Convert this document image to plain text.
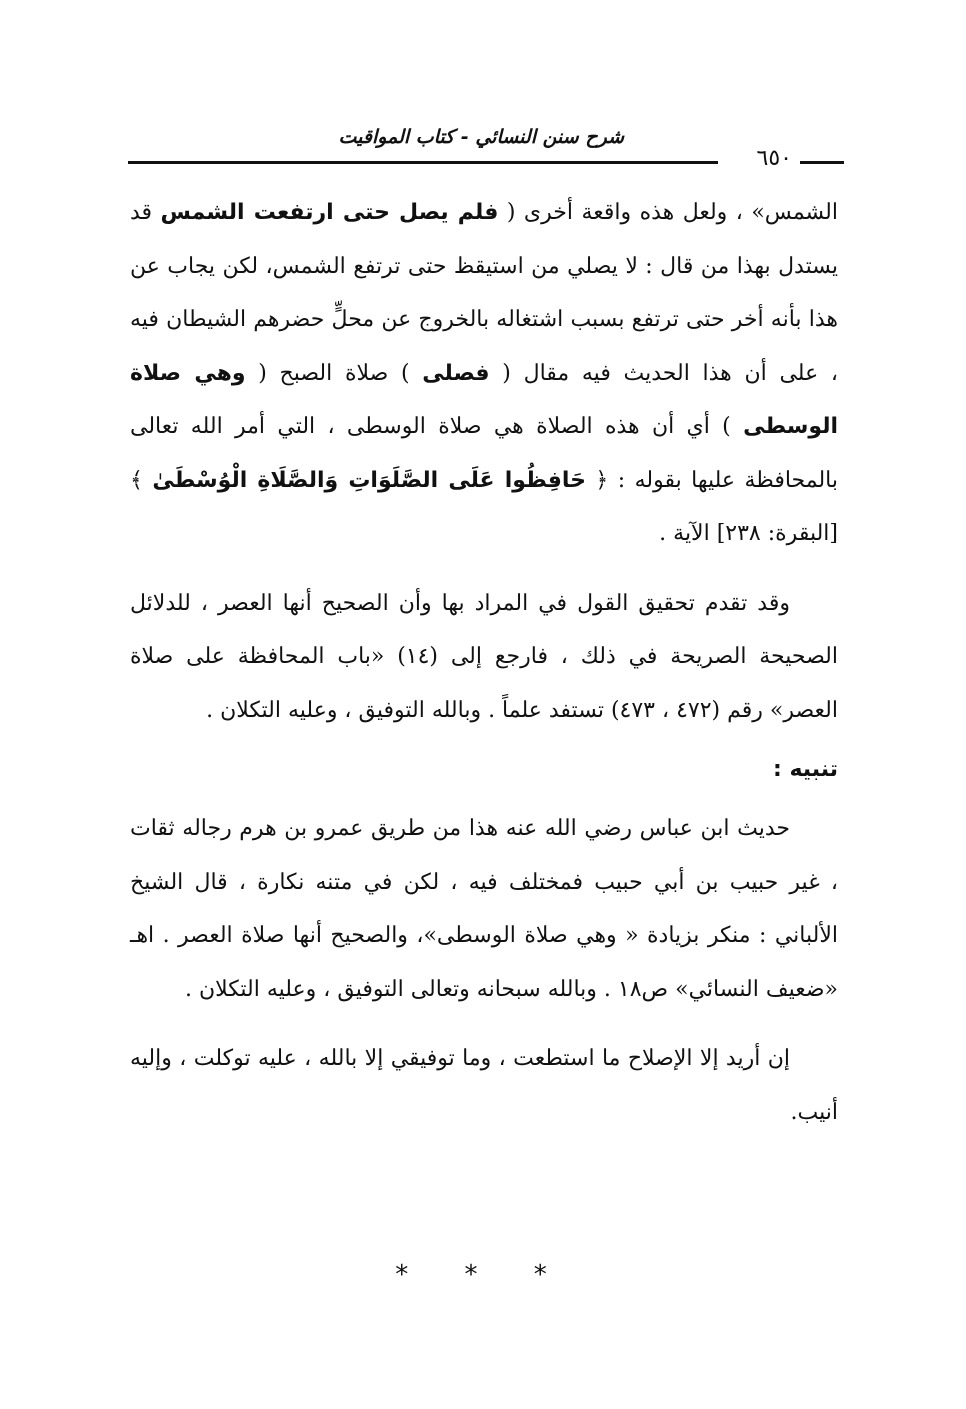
شرح سنن النسائي - كتاب المواقيت
٦٥٠

الشمس» ، ولعل هذه واقعة أخرى ( فلم يصل حتى ارتفعت الشمس قد يستدل بهذا من قال : لا يصلي من استيقظ حتى ترتفع الشمس، لكن يجاب عن هذا بأنه أخر حتى ترتفع بسبب اشتغاله بالخروج عن محلٍّ حضرهم الشيطان فيه ، على أن هذا الحديث فيه مقال ( فصلى ) صلاة الصبح ( وهي صلاة الوسطى ) أي أن هذه الصلاة هي صلاة الوسطى ، التي أمر الله تعالى بالمحافظة عليها بقوله : ﴿ حَافِظُوا عَلَى الصَّلَوَاتِ وَالصَّلَاةِ الْوُسْطَىٰ ﴾ [البقرة: ٢٣٨] الآية .

وقد تقدم تحقيق القول في المراد بها وأن الصحيح أنها العصر ، للدلائل الصحيحة الصريحة في ذلك ، فارجع إلى (١٤) «باب المحافظة على صلاة العصر» رقم (٤٧٢ ، ٤٧٣) تستفد علماً . وبالله التوفيق ، وعليه التكلان .

تنبيه :

حديث ابن عباس رضي الله عنه هذا من طريق عمرو بن هرم رجاله ثقات ، غير حبيب بن أبي حبيب فمختلف فيه ، لكن في متنه نكارة ، قال الشيخ الألباني : منكر بزيادة « وهي صلاة الوسطى»، والصحيح أنها صلاة العصر . اهـ «ضعيف النسائي» ص١٨ . وبالله سبحانه وتعالى التوفيق ، وعليه التكلان .

إن أريد إلا الإصلاح ما استطعت ، وما توفيقي إلا بالله ، عليه توكلت ، وإليه أنيب.

* * *
